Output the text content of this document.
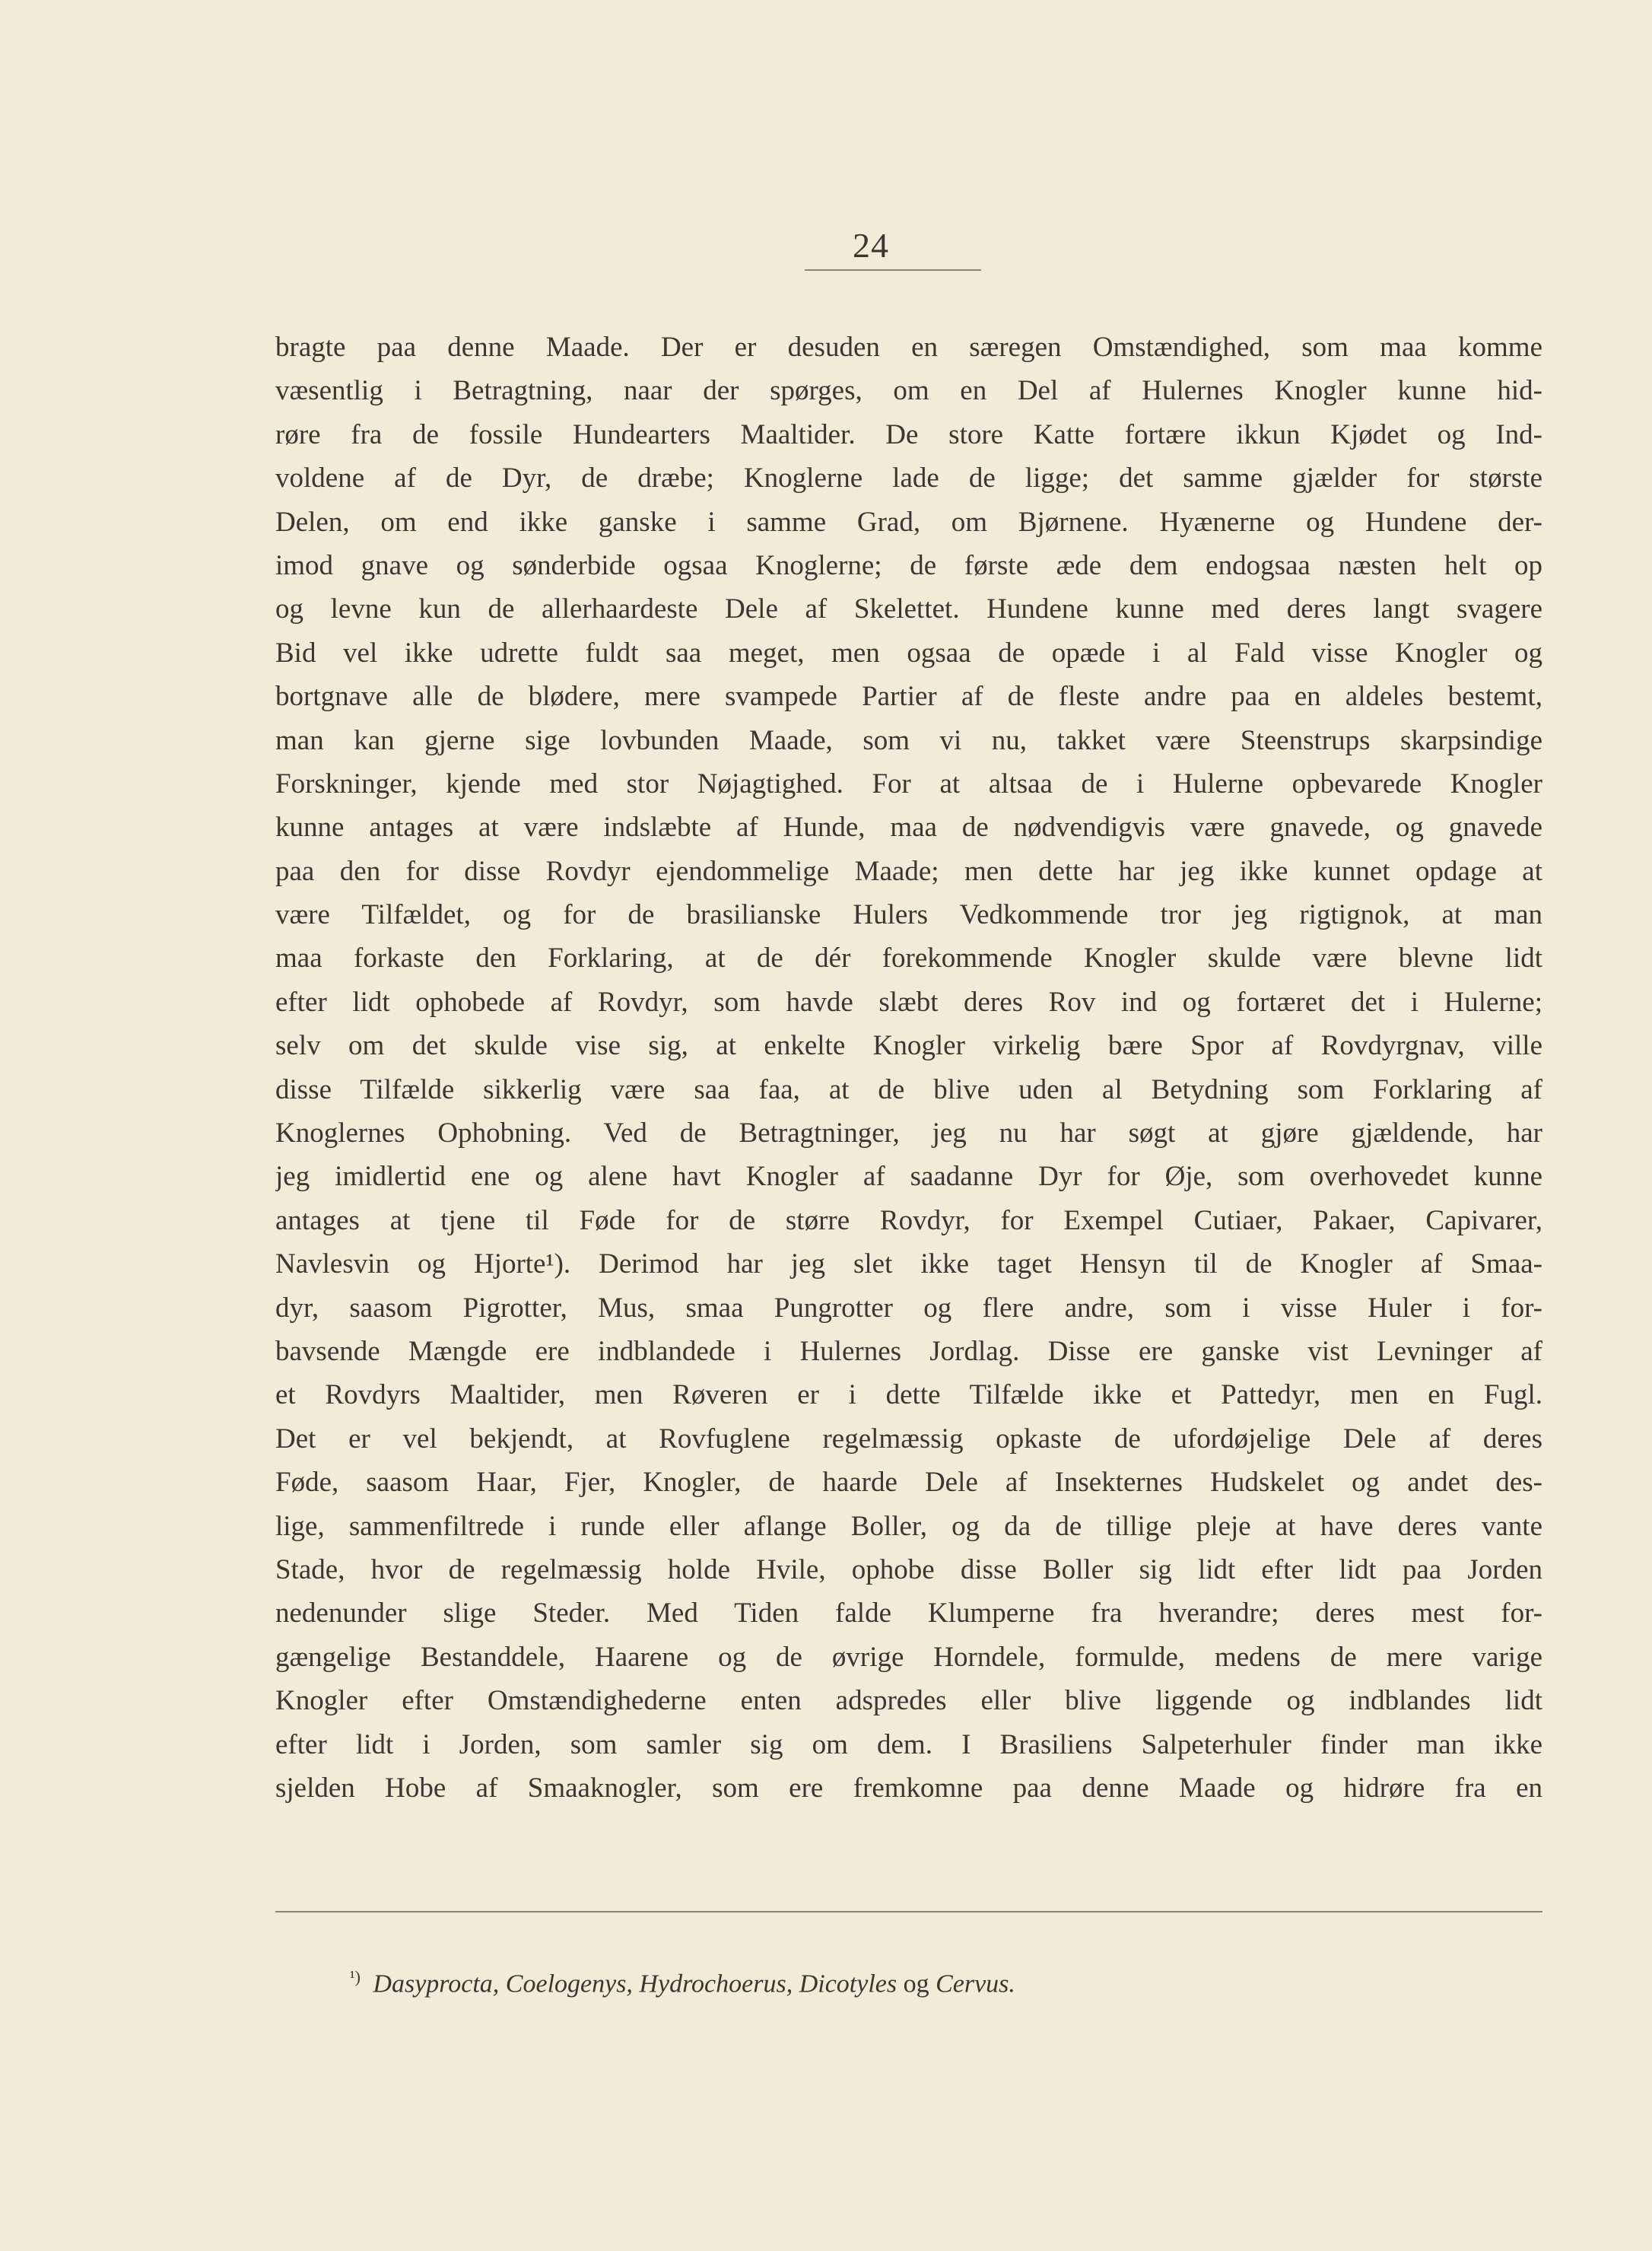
24
bragte paa denne Maade. Der er desuden en særegen Omstændighed, som maa komme
væsentlig i Betragtning, naar der spørges, om en Del af Hulernes Knogler kunne hid-
røre fra de fossile Hundearters Maaltider. De store Katte fortære ikkun Kjødet og Ind-
voldene af de Dyr, de dræbe; Knoglerne lade de ligge; det samme gjælder for største
Delen, om end ikke ganske i samme Grad, om Bjørnene. Hyænerne og Hundene der-
imod gnave og sønderbide ogsaa Knoglerne; de første æde dem endogsaa næsten helt op
og levne kun de allerhaardeste Dele af Skelettet. Hundene kunne med deres langt svagere
Bid vel ikke udrette fuldt saa meget, men ogsaa de opæde i al Fald visse Knogler og
bortgnave alle de blødere, mere svampede Partier af de fleste andre paa en aldeles bestemt,
man kan gjerne sige lovbunden Maade, som vi nu, takket være Steenstrups skarpsindige
Forskninger, kjende med stor Nøjagtighed. For at altsaa de i Hulerne opbevarede Knogler
kunne antages at være indslæbte af Hunde, maa de nødvendigvis være gnavede, og gnavede
paa den for disse Rovdyr ejendommelige Maade; men dette har jeg ikke kunnet opdage at
være Tilfældet, og for de brasilianske Hulers Vedkommende tror jeg rigtignok, at man
maa forkaste den Forklaring, at de dér forekommende Knogler skulde være blevne lidt
efter lidt ophobede af Rovdyr, som havde slæbt deres Rov ind og fortæret det i Hulerne;
selv om det skulde vise sig, at enkelte Knogler virkelig bære Spor af Rovdyrgnav, ville
disse Tilfælde sikkerlig være saa faa, at de blive uden al Betydning som Forklaring af
Knoglernes Ophobning. Ved de Betragtninger, jeg nu har søgt at gjøre gjældende, har
jeg imidlertid ene og alene havt Knogler af saadanne Dyr for Øje, som overhovedet kunne
antages at tjene til Føde for de større Rovdyr, for Exempel Cutiaer, Pakaer, Capivarer,
Navlesvin og Hjorte¹). Derimod har jeg slet ikke taget Hensyn til de Knogler af Smaa-
dyr, saasom Pigrotter, Mus, smaa Pungrotter og flere andre, som i visse Huler i for-
bavsende Mængde ere indblandede i Hulernes Jordlag. Disse ere ganske vist Levninger af
et Rovdyrs Maaltider, men Røveren er i dette Tilfælde ikke et Pattedyr, men en Fugl.
Det er vel bekjendt, at Rovfuglene regelmæssig opkaste de ufordøjelige Dele af deres
Føde, saasom Haar, Fjer, Knogler, de haarde Dele af Insekternes Hudskelet og andet des-
lige, sammenfiltrede i runde eller aflange Boller, og da de tillige pleje at have deres vante
Stade, hvor de regelmæssig holde Hvile, ophobe disse Boller sig lidt efter lidt paa Jorden
nedenunder slige Steder. Med Tiden falde Klumperne fra hverandre; deres mest for-
gængelige Bestanddele, Haarene og de øvrige Horndele, formulde, medens de mere varige
Knogler efter Omstændighederne enten adspredes eller blive liggende og indblandes lidt
efter lidt i Jorden, som samler sig om dem. I Brasiliens Salpeterhuler finder man ikke
sjelden Hobe af Smaaknogler, som ere fremkomne paa denne Maade og hidrøre fra en
$^{^1)}$ Dasyprocta, Coelogenys, Hydrochoerus, Dicotyles og Cervus.
